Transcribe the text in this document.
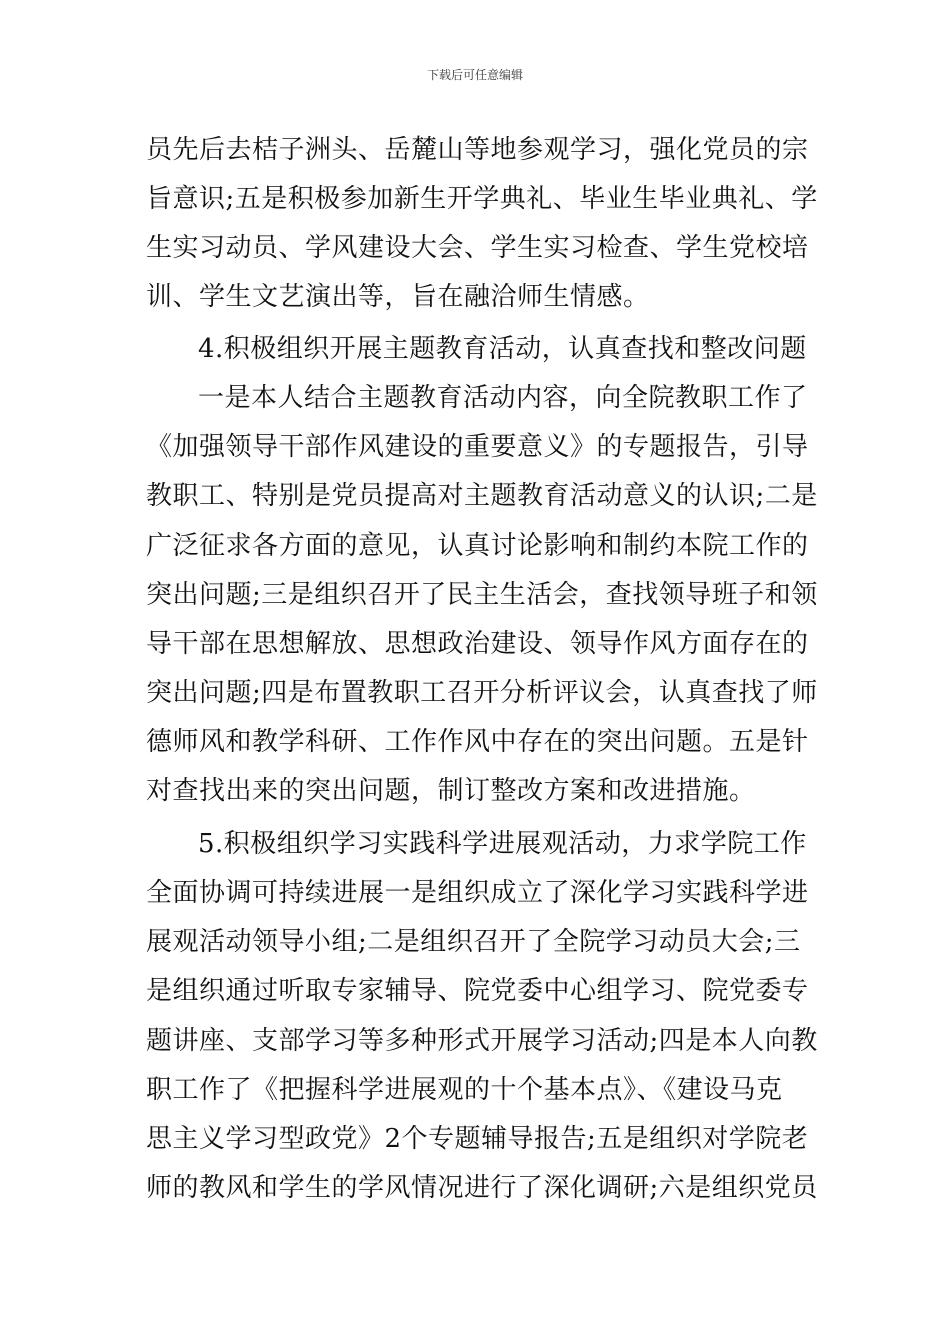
下载后可任意编辑
员先后去桔子洲头、岳麓山等地参观学习，强化党员的宗
旨意识;五是积极参加新生开学典礼、毕业生毕业典礼、学
生实习动员、学风建设大会、学生实习检查、学生党校培
训、学生文艺演出等，旨在融洽师生情感。
4.积极组织开展主题教育活动，认真查找和整改问题
一是本人结合主题教育活动内容，向全院教职工作了
《加强领导干部作风建设的重要意义》的专题报告，引导
教职工、特别是党员提高对主题教育活动意义的认识;二是
广泛征求各方面的意见，认真讨论影响和制约本院工作的
突出问题;三是组织召开了民主生活会，查找领导班子和领
导干部在思想解放、思想政治建设、领导作风方面存在的
突出问题;四是布置教职工召开分析评议会，认真查找了师
德师风和教学科研、工作作风中存在的突出问题。五是针
对查找出来的突出问题，制订整改方案和改进措施。
5.积极组织学习实践科学进展观活动，力求学院工作
全面协调可持续进展一是组织成立了深化学习实践科学进
展观活动领导小组;二是组织召开了全院学习动员大会;三
是组织通过听取专家辅导、院党委中心组学习、院党委专
题讲座、支部学习等多种形式开展学习活动;四是本人向教
职工作了《把握科学进展观的十个基本点》、《建设马克
思主义学习型政党》2个专题辅导报告;五是组织对学院老
师的教风和学生的学风情况进行了深化调研;六是组织党员
